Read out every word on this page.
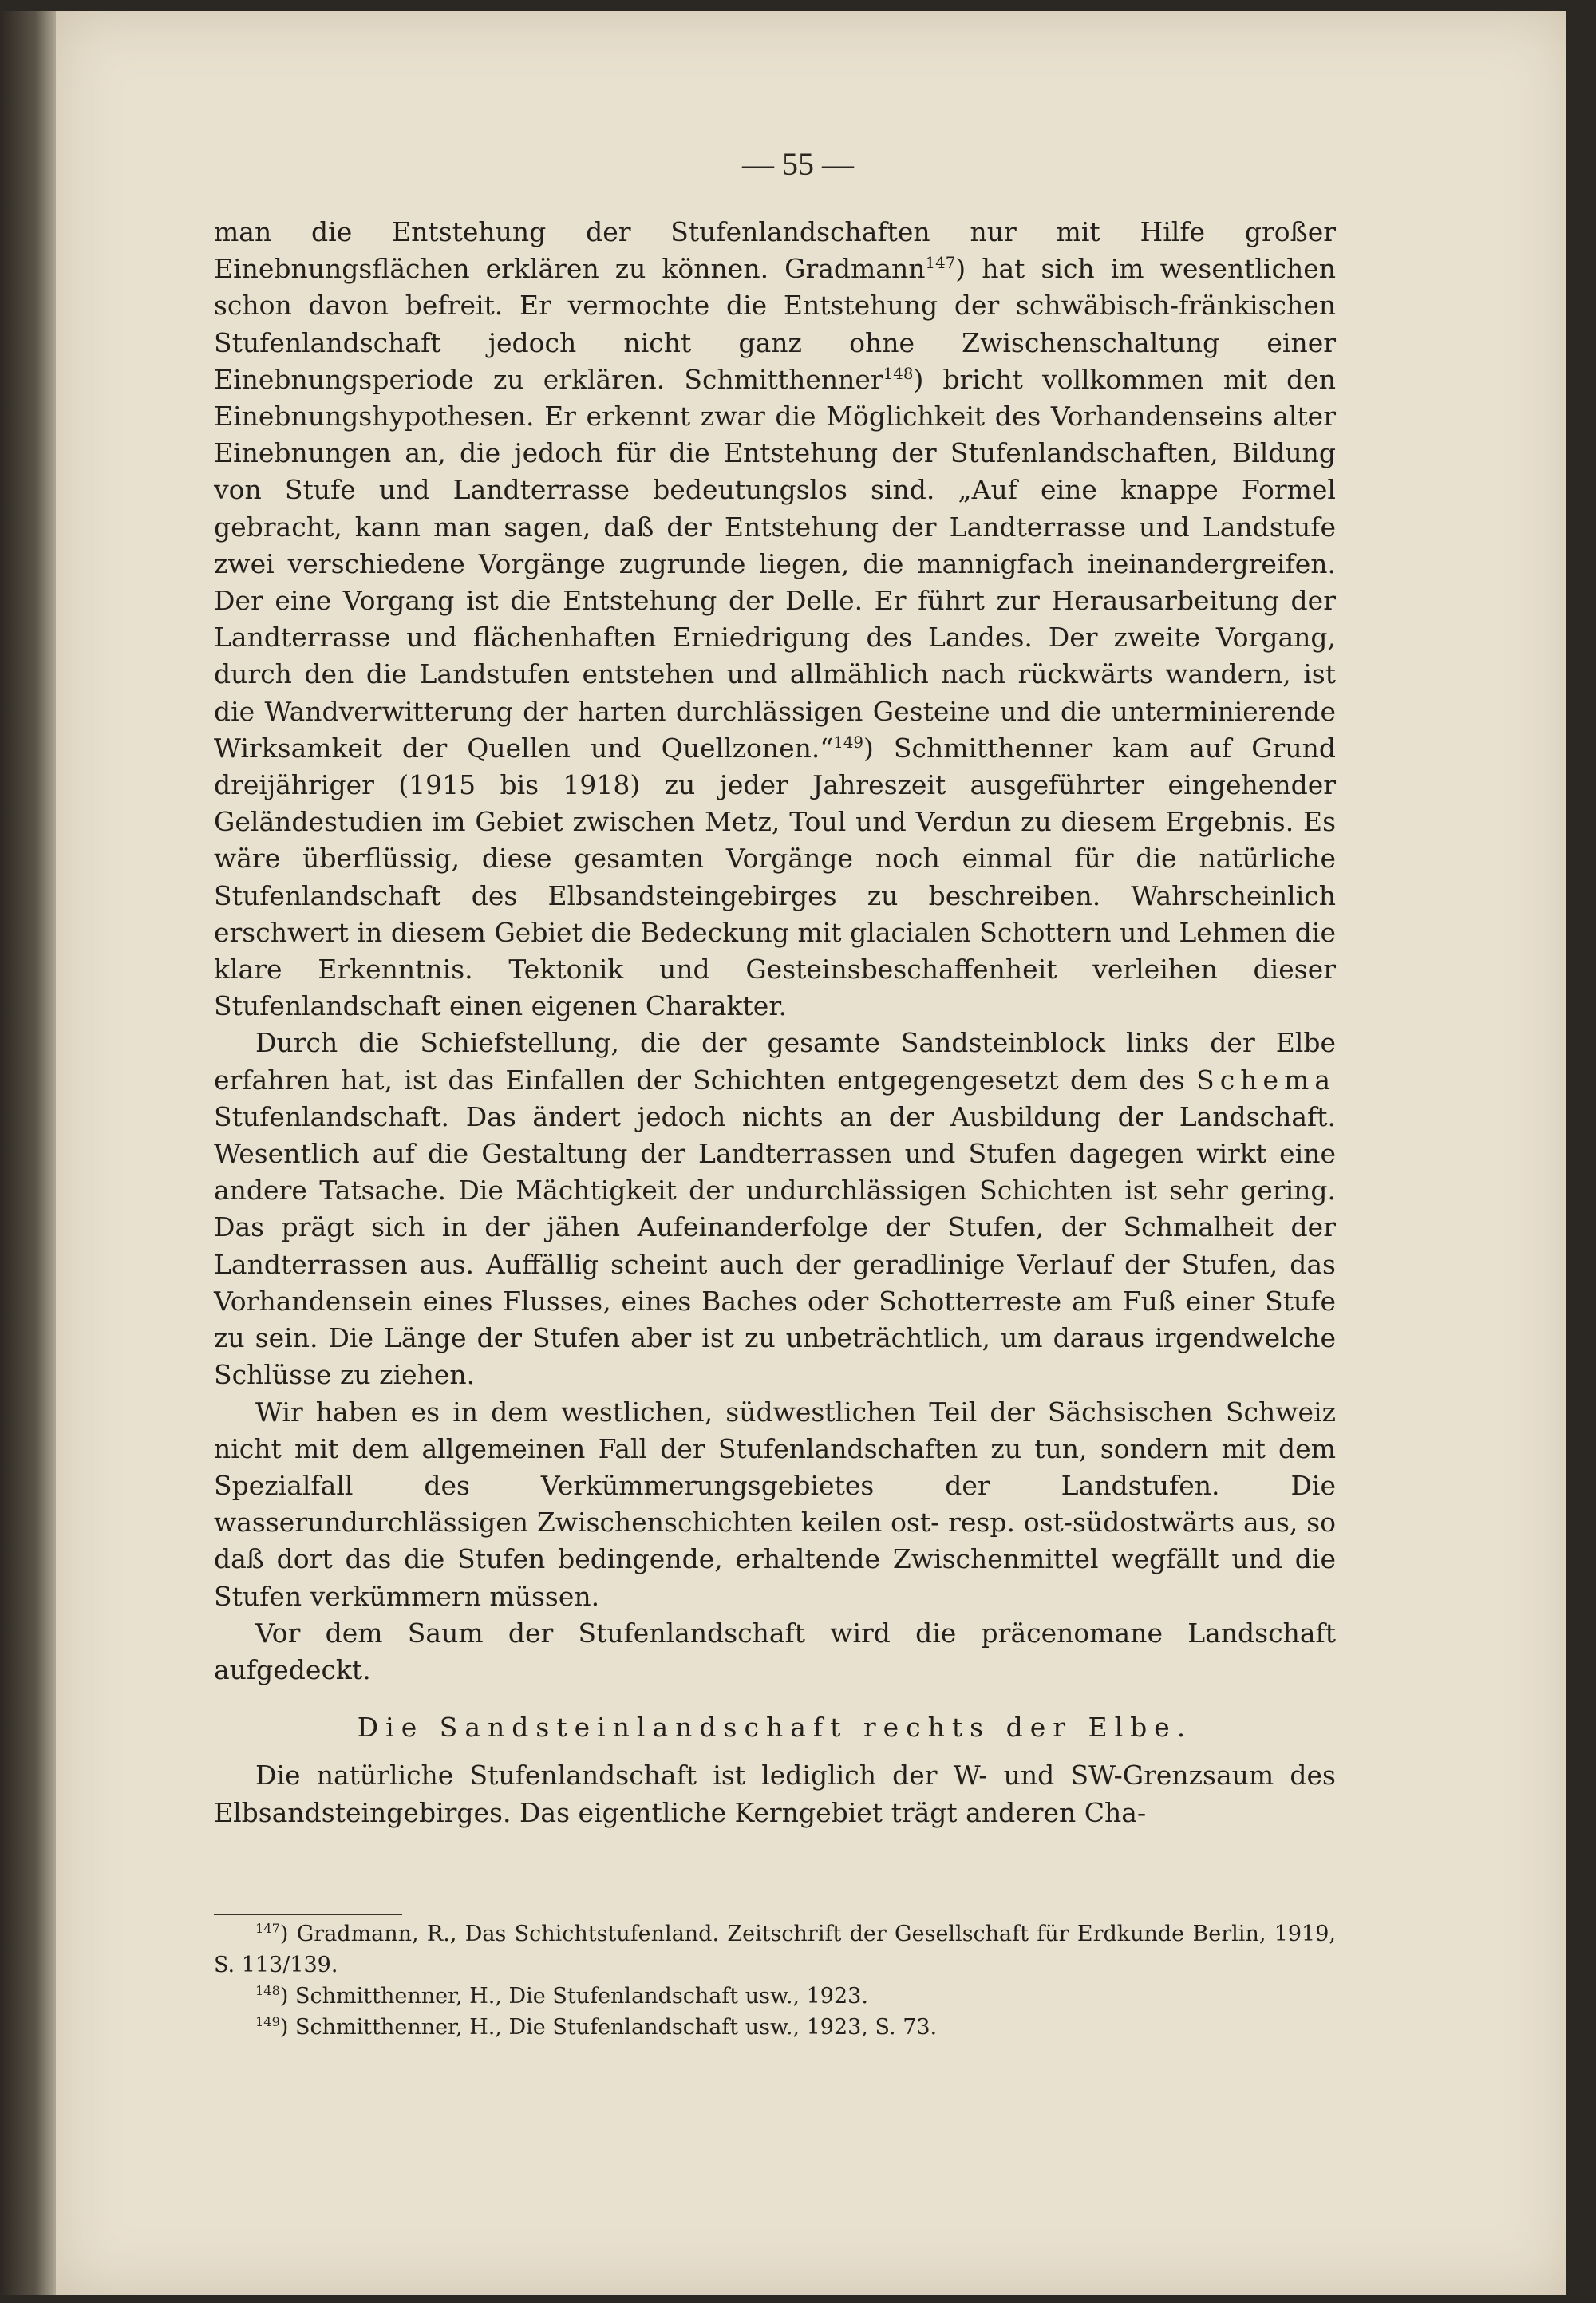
— 55 —

man die Entstehung der Stufenlandschaften nur mit Hilfe großer Einebnungsflächen erklären zu können. Gradmann$^{147}$) hat sich im wesentlichen schon davon befreit. Er vermochte die Entstehung der schwäbisch-fränkischen Stufenlandschaft jedoch nicht ganz ohne Zwischenschaltung einer Einebnungsperiode zu erklären. Schmitthenner$^{148}$) bricht vollkommen mit den Einebnungshypothesen. Er erkennt zwar die Möglichkeit des Vorhandenseins alter Einebnungen an, die jedoch für die Entstehung der Stufenlandschaften, Bildung von Stufe und Landterrasse bedeutungslos sind. „Auf eine knappe Formel gebracht, kann man sagen, daß der Entstehung der Landterrasse und Landstufe zwei verschiedene Vorgänge zugrunde liegen, die mannigfach ineinandergreifen. Der eine Vorgang ist die Entstehung der Delle. Er führt zur Herausarbeitung der Landterrasse und flächenhaften Erniedrigung des Landes. Der zweite Vorgang, durch den die Landstufen entstehen und allmählich nach rückwärts wandern, ist die Wandverwitterung der harten durchlässigen Gesteine und die unterminierende Wirksamkeit der Quellen und Quellzonen.“$^{149}$) Schmitthenner kam auf Grund dreijähriger (1915 bis 1918) zu jeder Jahreszeit ausgeführter eingehender Geländestudien im Gebiet zwischen Metz, Toul und Verdun zu diesem Ergebnis. Es wäre überflüssig, diese gesamten Vorgänge noch einmal für die natürliche Stufenlandschaft des Elbsandsteingebirges zu beschreiben. Wahrscheinlich erschwert in diesem Gebiet die Bedeckung mit glacialen Schottern und Lehmen die klare Erkenntnis. Tektonik und Gesteinsbeschaffenheit verleihen dieser Stufenlandschaft einen eigenen Charakter.

Durch die Schiefstellung, die der gesamte Sandsteinblock links der Elbe erfahren hat, ist das Einfallen der Schichten entgegengesetzt dem des Schema Stufenlandschaft. Das ändert jedoch nichts an der Ausbildung der Landschaft. Wesentlich auf die Gestaltung der Landterrassen und Stufen dagegen wirkt eine andere Tatsache. Die Mächtigkeit der undurchlässigen Schichten ist sehr gering. Das prägt sich in der jähen Aufeinanderfolge der Stufen, der Schmalheit der Landterrassen aus. Auffällig scheint auch der geradlinige Verlauf der Stufen, das Vorhandensein eines Flusses, eines Baches oder Schotterreste am Fuß einer Stufe zu sein. Die Länge der Stufen aber ist zu unbeträchtlich, um daraus irgendwelche Schlüsse zu ziehen.

Wir haben es in dem westlichen, südwestlichen Teil der Sächsischen Schweiz nicht mit dem allgemeinen Fall der Stufenlandschaften zu tun, sondern mit dem Spezialfall des Verkümmerungsgebietes der Landstufen. Die wasserundurchlässigen Zwischenschichten keilen ost- resp. ost-südostwärts aus, so daß dort das die Stufen bedingende, erhaltende Zwischenmittel wegfällt und die Stufen verkümmern müssen.

Vor dem Saum der Stufenlandschaft wird die präcenomane Landschaft aufgedeckt.

Die Sandsteinlandschaft rechts der Elbe.

Die natürliche Stufenlandschaft ist lediglich der W- und SW-Grenzsaum des Elbsandsteingebirges. Das eigentliche Kerngebiet trägt anderen Cha-

$^{147}$) Gradmann, R., Das Schichtstufenland. Zeitschrift der Gesellschaft für Erdkunde Berlin, 1919, S. 113/139.

$^{148}$) Schmitthenner, H., Die Stufenlandschaft usw., 1923.

$^{149}$) Schmitthenner, H., Die Stufenlandschaft usw., 1923, S. 73.
